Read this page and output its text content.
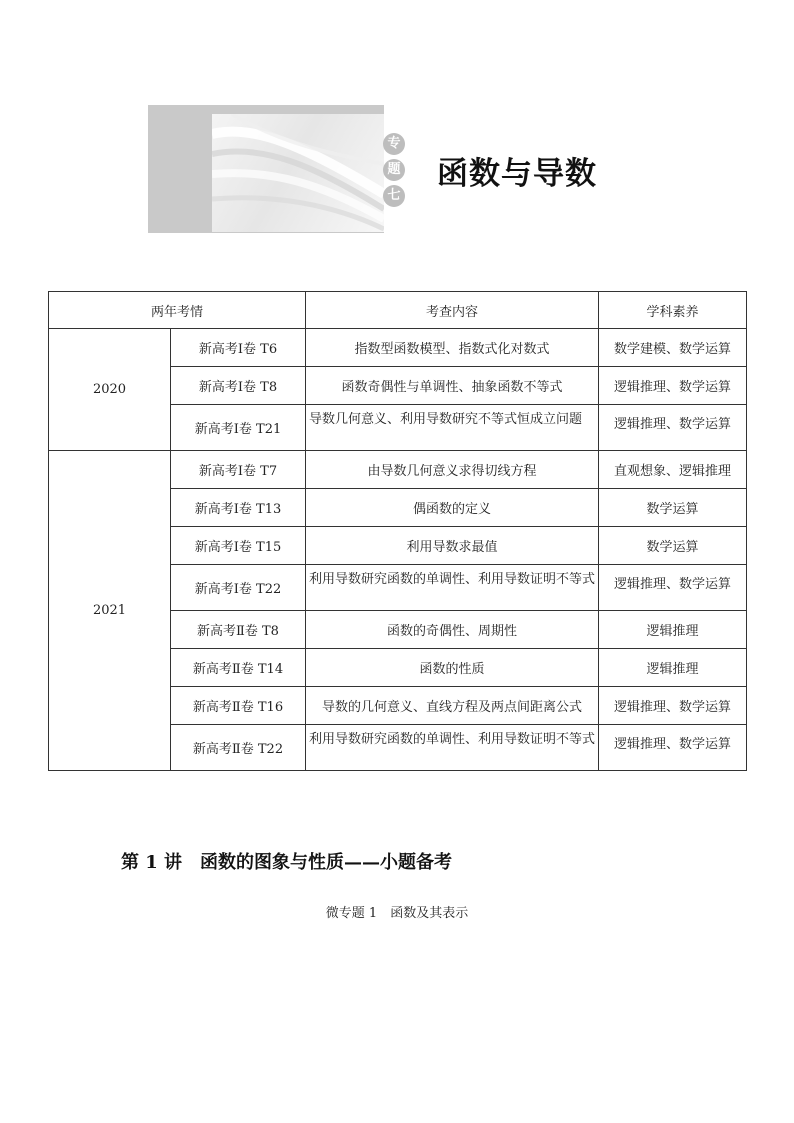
专
题
七
函数与导数
两年考情		考查内容	学科素养
2020	新高考Ⅰ卷 T6	指数型函数模型、指数式化对数式	数学建模、数学运算
	新高考Ⅰ卷 T8	函数奇偶性与单调性、抽象函数不等式	逻辑推理、数学运算
	新高考Ⅰ卷 T21	导数几何意义、利用导数研究不等式恒成立问题	逻辑推理、数学运算
2021	新高考Ⅰ卷 T7	由导数几何意义求得切线方程	直观想象、逻辑推理
	新高考Ⅰ卷 T13	偶函数的定义	数学运算
	新高考Ⅰ卷 T15	利用导数求最值	数学运算
	新高考Ⅰ卷 T22	利用导数研究函数的单调性、利用导数证明不等式	逻辑推理、数学运算
	新高考Ⅱ卷 T8	函数的奇偶性、周期性	逻辑推理
	新高考Ⅱ卷 T14	函数的性质	逻辑推理
	新高考Ⅱ卷 T16	导数的几何意义、直线方程及两点间距离公式	逻辑推理、数学运算
	新高考Ⅱ卷 T22	利用导数研究函数的单调性、利用导数证明不等式	逻辑推理、数学运算
第 1 讲　函数的图象与性质——小题备考
微专题 1　函数及其表示
